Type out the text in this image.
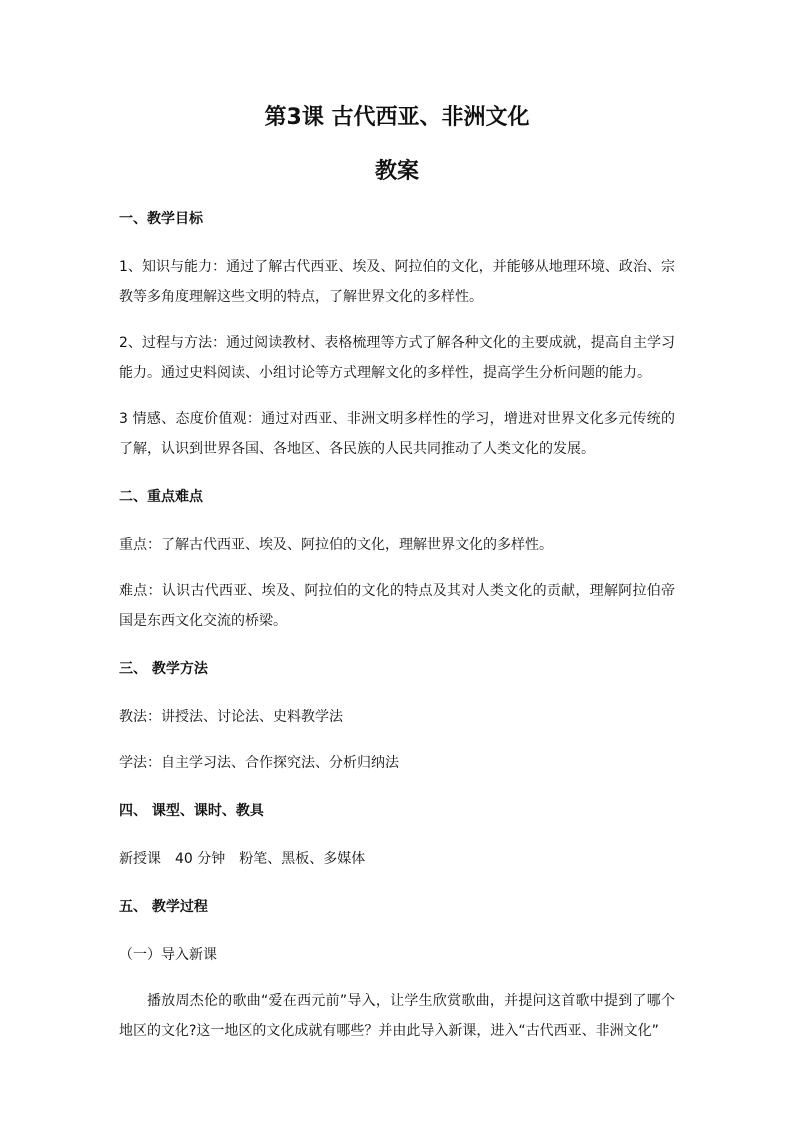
第3课 古代西亚、非洲文化
教案

一、教学目标

1、知识与能力：通过了解古代西亚、埃及、阿拉伯的文化，并能够从地理环境、政治、宗教等多角度理解这些文明的特点，了解世界文化的多样性。

2、过程与方法：通过阅读教材、表格梳理等方式了解各种文化的主要成就，提高自主学习能力。通过史料阅读、小组讨论等方式理解文化的多样性，提高学生分析问题的能力。

3 情感、态度价值观：通过对西亚、非洲文明多样性的学习，增进对世界文化多元传统的了解，认识到世界各国、各地区、各民族的人民共同推动了人类文化的发展。

二、重点难点

重点：了解古代西亚、埃及、阿拉伯的文化，理解世界文化的多样性。

难点：认识古代西亚、埃及、阿拉伯的文化的特点及其对人类文化的贡献，理解阿拉伯帝国是东西文化交流的桥梁。

三、 教学方法

教法：讲授法、讨论法、史料教学法

学法：自主学习法、合作探究法、分析归纳法

四、 课型、课时、教具

新授课 40 分钟 粉笔、黑板、多媒体

五、 教学过程

（一）导入新课

播放周杰伦的歌曲“爱在西元前”导入，让学生欣赏歌曲，并提问这首歌中提到了哪个地区的文化?这一地区的文化成就有哪些？并由此导入新课，进入“古代西亚、非洲文化”
